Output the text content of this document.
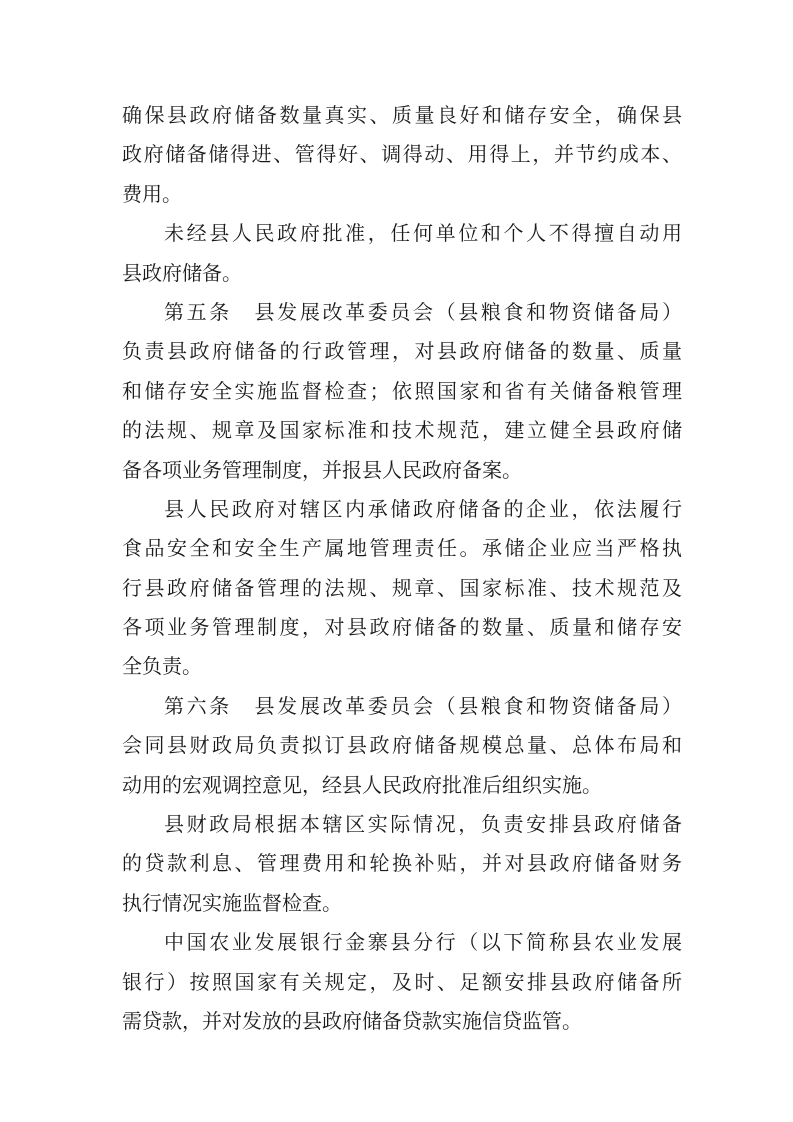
确保县政府储备数量真实、质量良好和储存安全，确保县
政府储备储得进、管得好、调得动、用得上，并节约成本、
费用。
未经县人民政府批准，任何单位和个人不得擅自动用
县政府储备。
第五条　县发展改革委员会（县粮食和物资储备局）
负责县政府储备的行政管理，对县政府储备的数量、质量
和储存安全实施监督检查；依照国家和省有关储备粮管理
的法规、规章及国家标准和技术规范，建立健全县政府储
备各项业务管理制度，并报县人民政府备案。
县人民政府对辖区内承储政府储备的企业，依法履行
食品安全和安全生产属地管理责任。承储企业应当严格执
行县政府储备管理的法规、规章、国家标准、技术规范及
各项业务管理制度，对县政府储备的数量、质量和储存安
全负责。
第六条　县发展改革委员会（县粮食和物资储备局）
会同县财政局负责拟订县政府储备规模总量、总体布局和
动用的宏观调控意见，经县人民政府批准后组织实施。
县财政局根据本辖区实际情况，负责安排县政府储备
的贷款利息、管理费用和轮换补贴，并对县政府储备财务
执行情况实施监督检查。
中国农业发展银行金寨县分行（以下简称县农业发展
银行）按照国家有关规定，及时、足额安排县政府储备所
需贷款，并对发放的县政府储备贷款实施信贷监管。
